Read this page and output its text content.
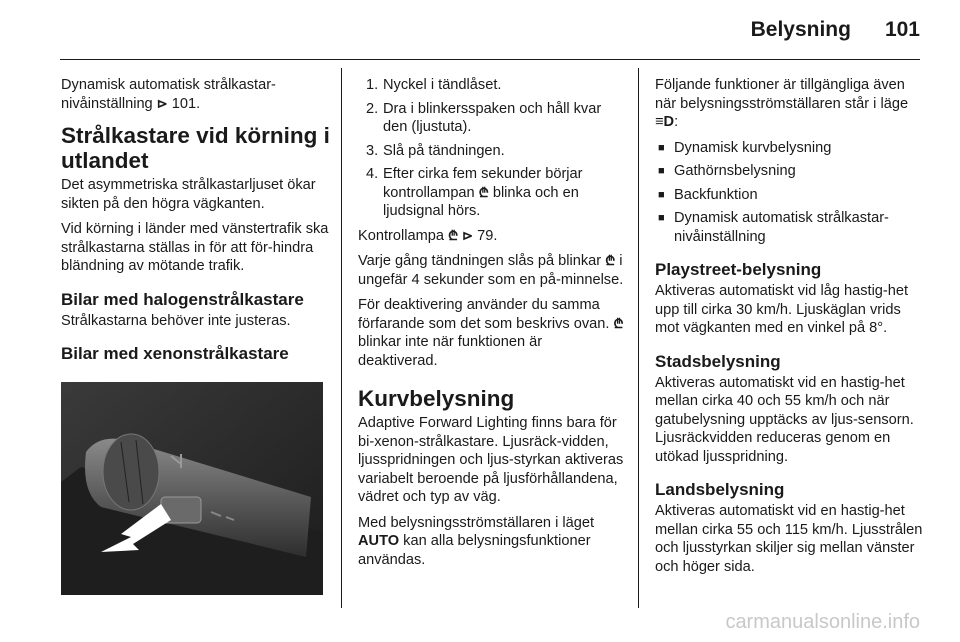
Belysning 101

Dynamisk automatisk strålkastar-nivåinställning ⊳ 101.

Strålkastare vid körning i utlandet

Det asymmetriska strålkastarljuset ökar sikten på den högra vägkanten.

Vid körning i länder med vänstertrafik ska strålkastarna ställas in för att för-hindra bländning av mötande trafik.

Bilar med halogenstrålkastare

Strålkastarna behöver inte justeras.

Bilar med xenonstrålkastare
1. Nyckel i tändlåset.
2. Dra i blinkersspaken och håll kvar den (ljustuta).
3. Slå på tändningen.
4. Efter cirka fem sekunder börjar kontrollampan ₾ blinka och en ljudsignal hörs.

Kontrollampa ₾ ⊳ 79.

Varje gång tändningen slås på blinkar ₾ i ungefär 4 sekunder som en på-minnelse.

För deaktivering använder du samma förfarande som det som beskrivs ovan. ₾ blinkar inte när funktionen är deaktiverad.

Kurvbelysning

Adaptive Forward Lighting finns bara för bi-xenon-strålkastare. Ljusräck-vidden, ljusspridningen och ljus-styrkan aktiveras variabelt beroende på ljusförhållandena, vädret och typ av väg.

Med belysningsströmställaren i läget AUTO kan alla belysningsfunktioner användas.

Följande funktioner är tillgängliga även när belysningsströmställaren står i läge ≡D:

■ Dynamisk kurvbelysning
■ Gathörnsbelysning
■ Backfunktion
■ Dynamisk automatisk strålkastar-nivåinställning
Playstreet-belysning

Aktiveras automatiskt vid låg hastig-het upp till cirka 30 km/h. Ljuskäglan vrids mot vägkanten med en vinkel på 8°.

Stadsbelysning

Aktiveras automatiskt vid en hastig-het mellan cirka 40 och 55 km/h och när gatubelysning upptäcks av ljus-sensorn. Ljusräckvidden reduceras genom en utökad ljusspridning.

Landsbelysning

Aktiveras automatiskt vid en hastig-het mellan cirka 55 och 115 km/h. Ljusstrålen och ljusstyrkan skiljer sig mellan vänster och höger sida.

carmanualsonline.info
